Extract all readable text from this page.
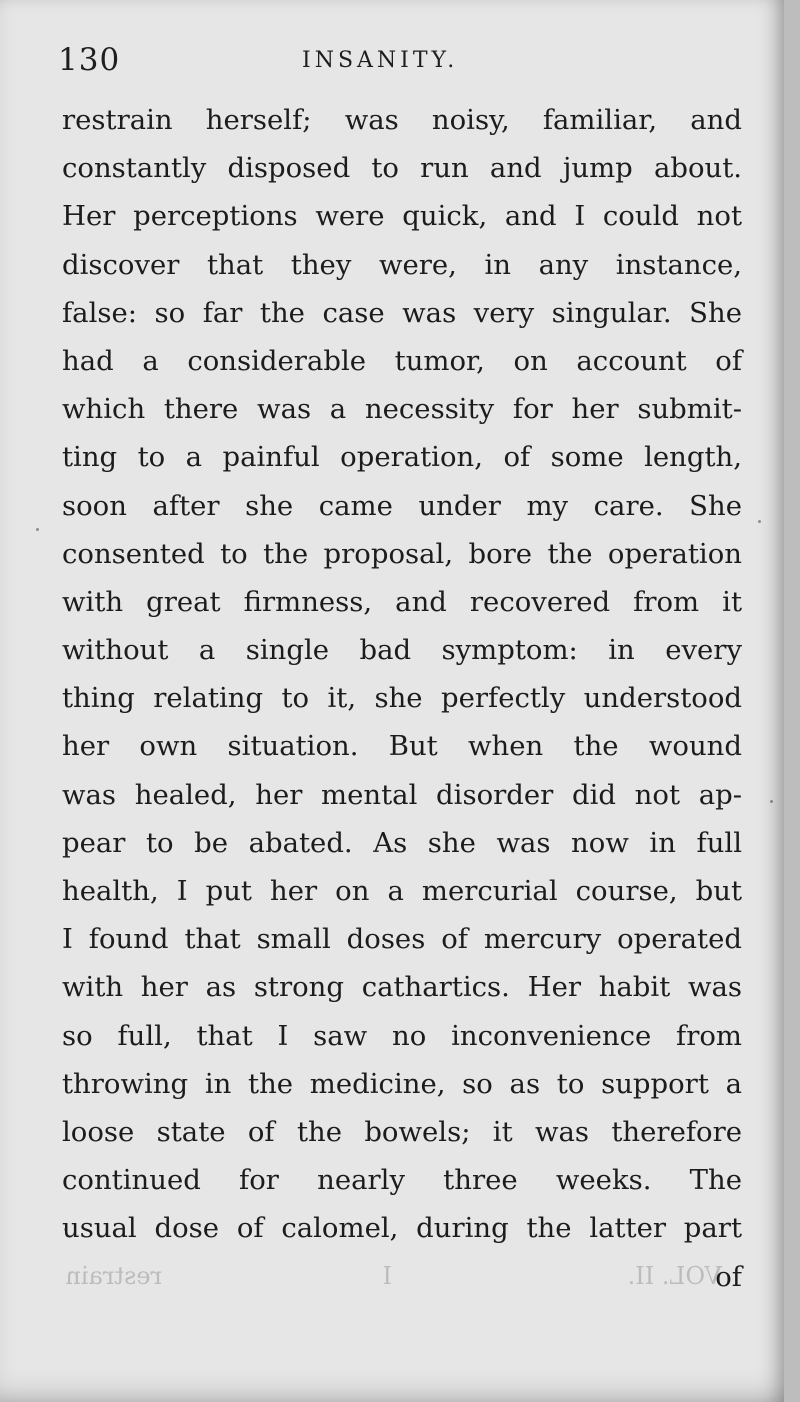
130	INSANITY.
restrain herself; was noisy, familiar, and
constantly disposed to run and jump about.
Her perceptions were quick, and I could not
discover that they were, in any instance,
false: so far the case was very singular. She
had a considerable tumor, on account of
which there was a necessity for her submit-
ting to a painful operation, of some length,
soon after she came under my care. She
consented to the proposal, bore the operation
with great firmness, and recovered from it
without a single bad symptom: in every
thing relating to it, she perfectly understood
her own situation. But when the wound
was healed, her mental disorder did not ap-
pear to be abated. As she was now in full
health, I put her on a mercurial course, but
I found that small doses of mercury operated
with her as strong cathartics. Her habit was
so full, that I saw no inconvenience from
throwing in the medicine, so as to support a
loose state of the bowels; it was therefore
continued for nearly three weeks. The
usual dose of calomel, during the latter part
of
VOL. II.
I
restrain
